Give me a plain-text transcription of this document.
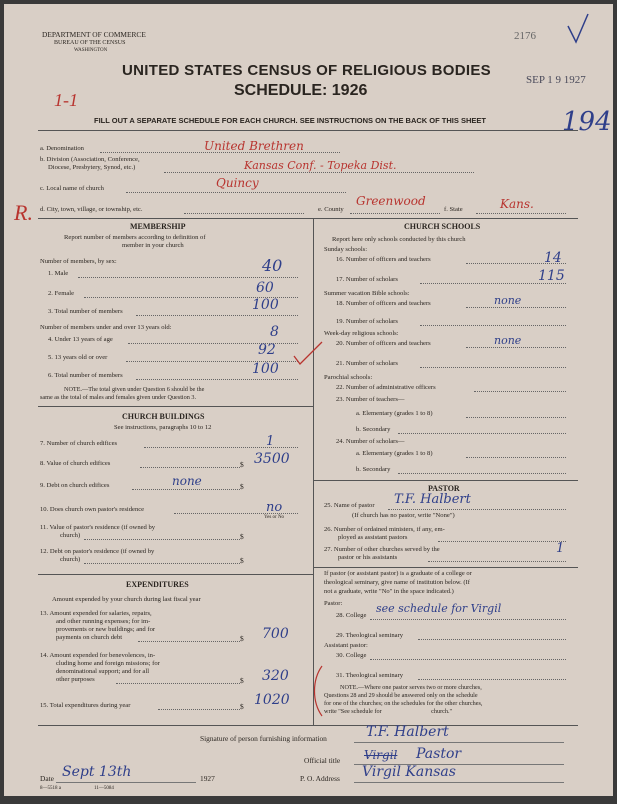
DEPARTMENT OF COMMERCE
BUREAU OF THE CENSUS
WASHINGTON
2176
UNITED STATES CENSUS OF RELIGIOUS BODIES
SCHEDULE: 1926
SEP 1 9 1927
1-1
FILL OUT A SEPARATE SCHEDULE FOR EACH CHURCH. SEE INSTRUCTIONS ON THE BACK OF THIS SHEET	194
R.
a. Denomination	United Brethren
b. Division (Association, Conference,
Diocese, Presbytery, Synod, etc.)	Kansas Conf. - Topeka Dist.
c. Local name of church	Quincy
d. City, town, village, or township, etc.	e. County
Greenwood
f. State	Kans.
MEMBERSHIP
Report number of members according to definition of
member in your church
Number of members, by sex:
1. Male	40
2. Female	60
3. Total number of members	100
Number of members under and over 13 years old:
4. Under 13 years of age	8
5. 13 years old or over	92
6. Total number of members	100
NOTE.—The total given under Question 6 should be the
same as the total of males and females given under Question 3.
CHURCH BUILDINGS
See instructions, paragraphs 10 to 12
7. Number of church edifices	1
8. Value of church edifices	$ 3500
9. Debt on church edifices	$
none
10. Does church own pastor's residence	no
Yes or No
11. Value of pastor's residence (if owned by
church)	$
12. Debt on pastor's residence (if owned by
church)	$
EXPENDITURES
Amount expended by your church during last fiscal year
13. Amount expended for salaries, repairs,
and other running expenses; for im-
provements or new buildings; and for
payments on church debt	$ 700
14. Amount expended for benevolences, in-
cluding home and foreign missions; for
denominational support; and for all
other purposes	$ 320
15. Total expenditures during year	$ 1020
CHURCH SCHOOLS
Report here only schools conducted by this church
Sunday schools:
16. Number of officers and teachers	14
17. Number of scholars	115
Summer vacation Bible schools:
18. Number of officers and teachers	none
19. Number of scholars
Week-day religious schools:
20. Number of officers and teachers	none
21. Number of scholars
Parochial schools:
22. Number of administrative officers
23. Number of teachers—
a. Elementary (grades 1 to 8)
b. Secondary
24. Number of scholars—
a. Elementary (grades 1 to 8)
b. Secondary
PASTOR
25. Name of pastor T.F. Halbert
(If church has no pastor, write "None")
26. Number of ordained ministers, if any, em-
ployed as assistant pastors
27. Number of other churches served by the
pastor or his assistants
1
If pastor (or assistant pastor) is a graduate of a college or
theological seminary, give name of institution below. (If
not a graduate, write "No" in the space indicated.)
Pastor:
28. College
see schedule for Virgil
29. Theological seminary
Assistant pastor:
30. College
31. Theological seminary
NOTE.—Where one pastor serves two or more churches,
Questions 28 and 29 should be answered only on the schedule
for one of the churches; on the schedules for the other churches,
write "See schedule for                                church."
Signature of person furnishing information	T.F. Halbert
Official title Virgil Pastor
Date Sept 13th	1927	P. O. Address Virgil Kansas
8—5518 a	11—5084
